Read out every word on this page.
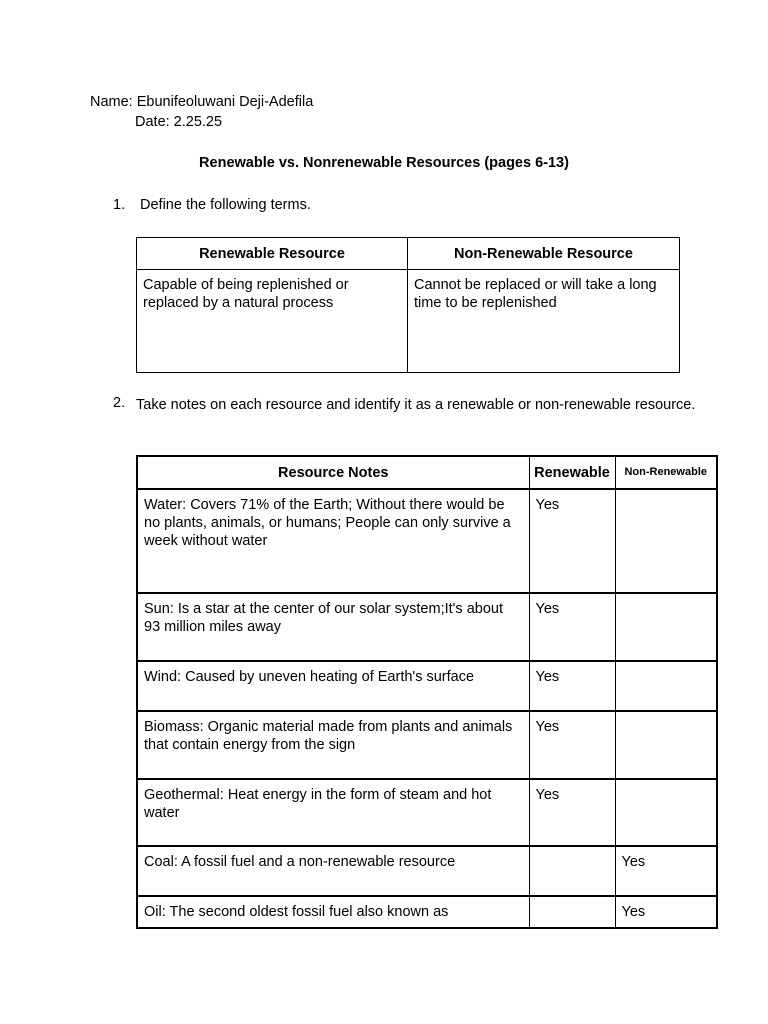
Name: Ebunifeoluwani Deji-Adefila
Date: 2.25.25
Renewable vs. Nonrenewable Resources (pages 6-13)
1. Define the following terms.
Renewable Resource	Non-Renewable Resource
Capable of being replenished or replaced by a natural process	Cannot be replaced or will take a long time to be replenished
2. Take notes on each resource and identify it as a renewable or non-renewable resource.
Resource Notes	Renewable	Non-Renewable
Water: Covers 71% of the Earth; Without there would be no plants, animals, or humans; People can only survive a week without water	Yes	
Sun: Is a star at the center of our solar system;It's about 93 million miles away	Yes	
Wind: Caused by uneven heating of Earth's surface	Yes	
Biomass: Organic material made from plants and animals that contain energy from the sign	Yes	
Geothermal: Heat energy in the form of steam and hot water	Yes	
Coal: A fossil fuel and a non-renewable resource		Yes
Oil: The second oldest fossil fuel also known as		Yes
